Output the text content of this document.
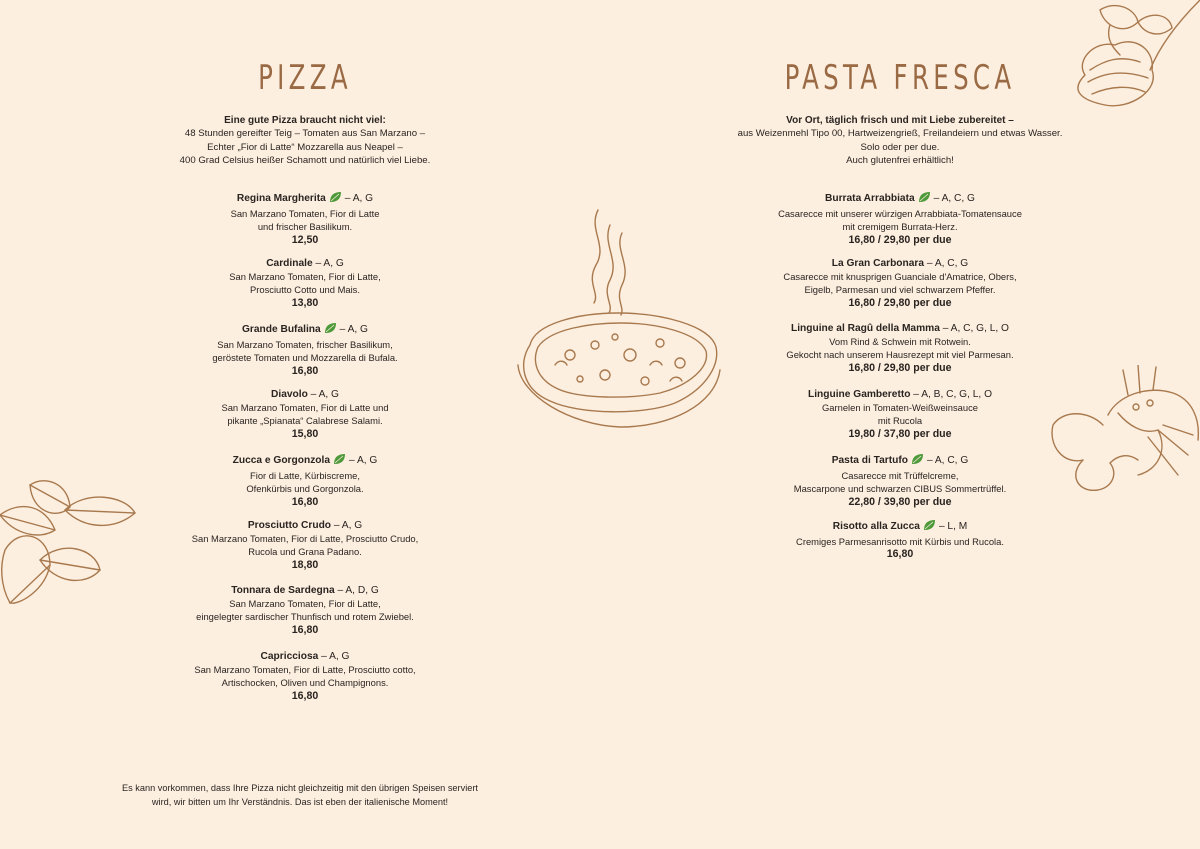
PIZZA
Eine gute Pizza braucht nicht viel:
48 Stunden gereifter Teig – Tomaten aus San Marzano –
Echter „Fior di Latte“ Mozzarella aus Neapel –
400 Grad Celsius heißer Schamott und natürlich viel Liebe.
Regina Margherita – A, G
San Marzano Tomaten, Fior di Latte
und frischer Basilikum.
12,50
Cardinale – A, G
San Marzano Tomaten, Fior di Latte,
Prosciutto Cotto und Mais.
13,80
Grande Bufalina – A, G
San Marzano Tomaten, frischer Basilikum,
geröstete Tomaten und Mozzarella di Bufala.
16,80
Diavolo – A, G
San Marzano Tomaten, Fior di Latte und
pikante „Spianata“ Calabrese Salami.
15,80
Zucca e Gorgonzola – A, G
Fior di Latte, Kürbiscreme,
Ofenkürbis und Gorgonzola.
16,80
Prosciutto Crudo – A, G
San Marzano Tomaten, Fior di Latte, Prosciutto Crudo,
Rucola und Grana Padano.
18,80
Tonnara de Sardegna – A, D, G
San Marzano Tomaten, Fior di Latte,
eingelegter sardischer Thunfisch und rotem Zwiebel.
16,80
Capricciosa – A, G
San Marzano Tomaten, Fior di Latte, Prosciutto cotto,
Artischocken, Oliven und Champignons.
16,80
Es kann vorkommen, dass Ihre Pizza nicht gleichzeitig mit den übrigen Speisen serviert
wird, wir bitten um Ihr Verständnis. Das ist eben der italienische Moment!
PASTA FRESCA
Vor Ort, täglich frisch und mit Liebe zubereitet –
aus Weizenmehl Tipo 00, Hartweizengrieß, Freilandeiern und etwas Wasser.
Solo oder per due.
Auch glutenfrei erhältlich!
Burrata Arrabbiata – A, C, G
Casarecce mit unserer würzigen Arrabbiata-Tomatensauce
mit cremigem Burrata-Herz.
16,80 / 29,80 per due
La Gran Carbonara – A, C, G
Casarecce mit knusprigen Guanciale d'Amatrice, Obers,
Eigelb, Parmesan und viel schwarzem Pfeffer.
16,80 / 29,80 per due
Linguine al Ragû della Mamma – A, C, G, L, O
Vom Rind & Schwein mit Rotwein.
Gekocht nach unserem Hausrezept mit viel Parmesan.
16,80 / 29,80 per due
Linguine Gamberetto – A, B, C, G, L, O
Garnelen in Tomaten-Weißweinsauce
mit Rucola
19,80 / 37,80 per due
Pasta di Tartufo – A, C, G
Casarecce mit Trüffelcreme,
Mascarpone und schwarzen CIBUS Sommertrüffel.
22,80 / 39,80 per due
Risotto alla Zucca – L, M
Cremiges Parmesanrisotto mit Kürbis und Rucola.
16,80
